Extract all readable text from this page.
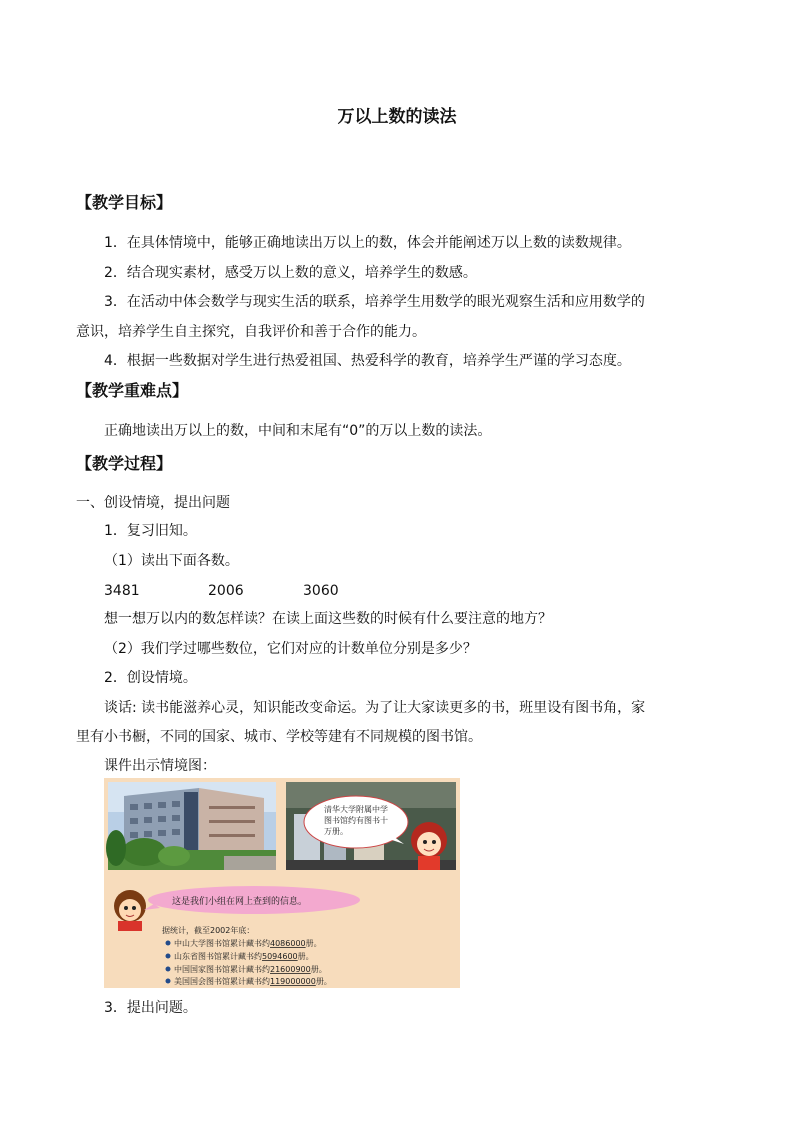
万以上数的读法
【教学目标】
1．在具体情境中，能够正确地读出万以上的数，体会并能阐述万以上数的读数规律。
2．结合现实素材，感受万以上数的意义，培养学生的数感。
3．在活动中体会数学与现实生活的联系，培养学生用数学的眼光观察生活和应用数学的
意识，培养学生自主探究，自我评价和善于合作的能力。
4．根据一些数据对学生进行热爱祖国、热爱科学的教育，培养学生严谨的学习态度。
【教学重难点】
正确地读出万以上的数，中间和末尾有“0”的万以上数的读法。
【教学过程】
一、创设情境，提出问题
1．复习旧知。
（1）读出下面各数。
3481	2006	3060
想一想万以内的数怎样读？在读上面这些数的时候有什么要注意的地方？
（2）我们学过哪些数位，它们对应的计数单位分别是多少？
2．创设情境。
谈话: 读书能滋养心灵，知识能改变命运。为了让大家读更多的书，班里设有图书角，家
里有小书橱，不同的国家、城市、学校等建有不同规模的图书馆。
课件出示情境图：
清华大学附属中学
图书馆约有图书十
万册。
这是我们小组在网上查到的信息。
据统计，截至2002年底：
中山大学图书馆累计藏书约4086000册。
山东省图书馆累计藏书约5094600册。
中国国家图书馆累计藏书约21600900册。
美国国会图书馆累计藏书约119000000册。
3．提出问题。
